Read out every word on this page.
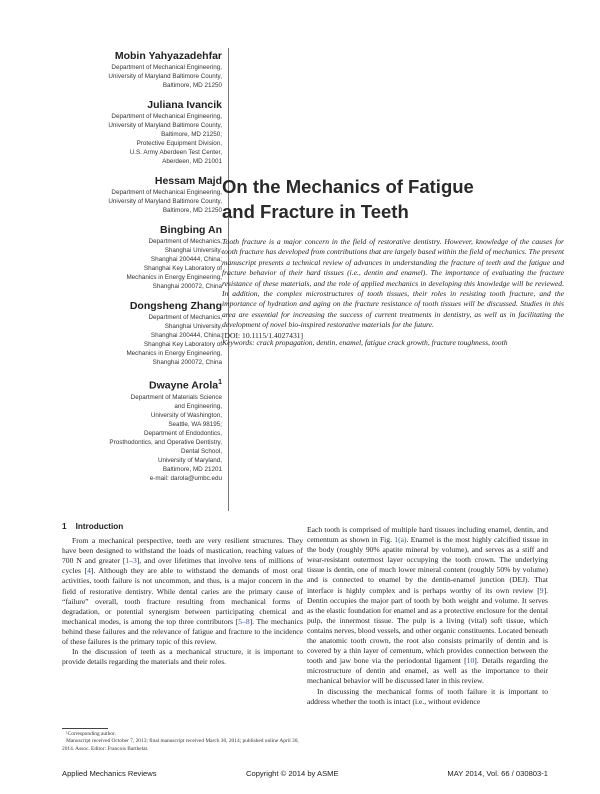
Mobin Yahyazadehfar
Department of Mechanical Engineering,
University of Maryland Baltimore County,
Baltimore, MD 21250
Juliana Ivancik
Department of Mechanical Engineering,
University of Maryland Baltimore County,
Baltimore, MD 21250;
Protective Equipment Division,
U.S. Army Aberdeen Test Center,
Aberdeen, MD 21001
Hessam Majd
Department of Mechanical Engineering,
University of Maryland Baltimore County,
Baltimore, MD 21250
Bingbing An
Department of Mechanics,
Shanghai University,
Shanghai 200444, China;
Shanghai Key Laboratory of
Mechanics in Energy Engineering,
Shanghai 200072, China
Dongsheng Zhang
Department of Mechanics,
Shanghai University,
Shanghai 200444, China;
Shanghai Key Laboratory of
Mechanics in Energy Engineering,
Shanghai 200072, China
Dwayne Arola$^1$
Department of Materials Science
and Engineering,
University of Washington,
Seattle, WA 98195;
Department of Endodontics,
Prosthodontics, and Operative Dentistry,
Dental School,
University of Maryland,
Baltimore, MD 21201
e-mail: darola@umbc.edu
On the Mechanics of Fatigue
and Fracture in Teeth
Tooth fracture is a major concern in the field of restorative dentistry. However, knowledge of the causes for tooth fracture has developed from contributions that are largely based within the field of mechanics. The present manuscript presents a technical review of advances in understanding the fracture of teeth and the fatigue and fracture behavior of their hard tissues (i.e., dentin and enamel). The importance of evaluating the fracture resistance of these materials, and the role of applied mechanics in developing this knowledge will be reviewed. In addition, the complex microstructures of tooth tissues, their roles in resisting tooth fracture, and the importance of hydration and aging on the fracture resistance of tooth tissues will be discussed. Studies in this area are essential for increasing the success of current treatments in dentistry, as well as in facilitating the development of novel bio-inspired restorative materials for the future.
[DOI: 10.1115/1.4027431]
Keywords: crack propagation, dentin, enamel, fatigue crack growth, fracture toughness, tooth
1 Introduction

From a mechanical perspective, teeth are very resilient structures. They have been designed to withstand the loads of mastication, reaching values of 700 N and greater [1–3], and over lifetimes that involve tens of millions of cycles [4]. Although they are able to withstand the demands of most oral activities, tooth failure is not uncommon, and thus, is a major concern in the field of restorative dentistry. While dental caries are the primary cause of “failure” overall, tooth fracture resulting from mechanical forms of degradation, or potential synergism between participating chemical and mechanical modes, is among the top three contributors [5–8]. The mechanics behind these failures and the relevance of fatigue and fracture to the incidence of these failures is the primary topic of this review.

In the discussion of teeth as a mechanical structure, it is important to provide details regarding the materials and their roles.

Each tooth is comprised of multiple hard tissues including enamel, dentin, and cementum as shown in Fig. 1(a). Enamel is the most highly calcified tissue in the body (roughly 90% apatite mineral by volume), and serves as a stiff and wear-resistant outermost layer occupying the tooth crown. The underlying tissue is dentin, one of much lower mineral content (roughly 50% by volume) and is connected to enamel by the dentin-enamel junction (DEJ). That interface is highly complex and is perhaps worthy of its own review [9]. Dentin occupies the major part of tooth by both weight and volume. It serves as the elastic foundation for enamel and as a protective enclosure for the dental pulp, the innermost tissue. The pulp is a living (vital) soft tissue, which contains nerves, blood vessels, and other organic constituents. Located beneath the anatomic tooth crown, the root also consists primarily of dentin and is covered by a thin layer of cementum, which provides connection between the tooth and jaw bone via the periodontal ligament [10]. Details regarding the microstructure of dentin and enamel, as well as the importance to their mechanical behavior will be discussed later in this review.

In discussing the mechanical forms of tooth failure it is important to address whether the tooth is intact (i.e., without evidence

¹Corresponding author.

Manuscript received October 7, 2013; final manuscript received March 30, 2014; published online April 30, 2014. Assoc. Editor: Francois Barthelat.

Applied Mechanics Reviews	Copyright © 2014 by ASME	MAY 2014, Vol. 66 / 030803-1
